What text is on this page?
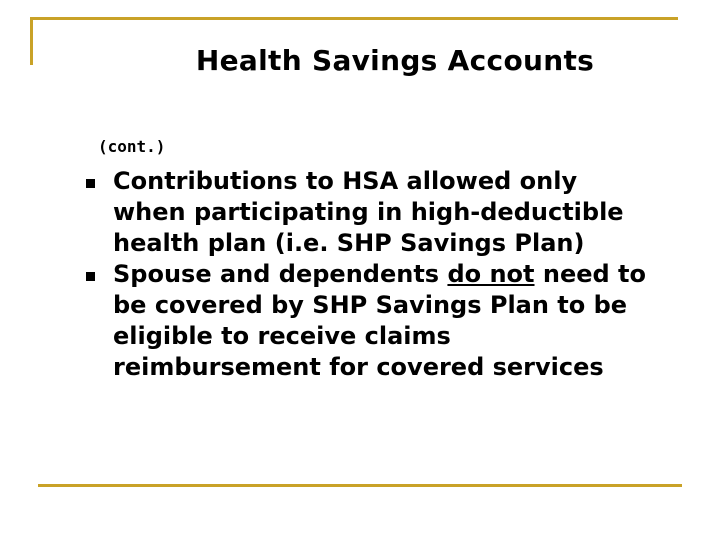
Health Savings Accounts
(cont.)
Contributions to HSA allowed only
when participating in high-deductible
health plan (i.e. SHP Savings Plan)
Spouse and dependents do not need to
be covered by SHP Savings Plan to be
eligible to receive claims
reimbursement for covered services
